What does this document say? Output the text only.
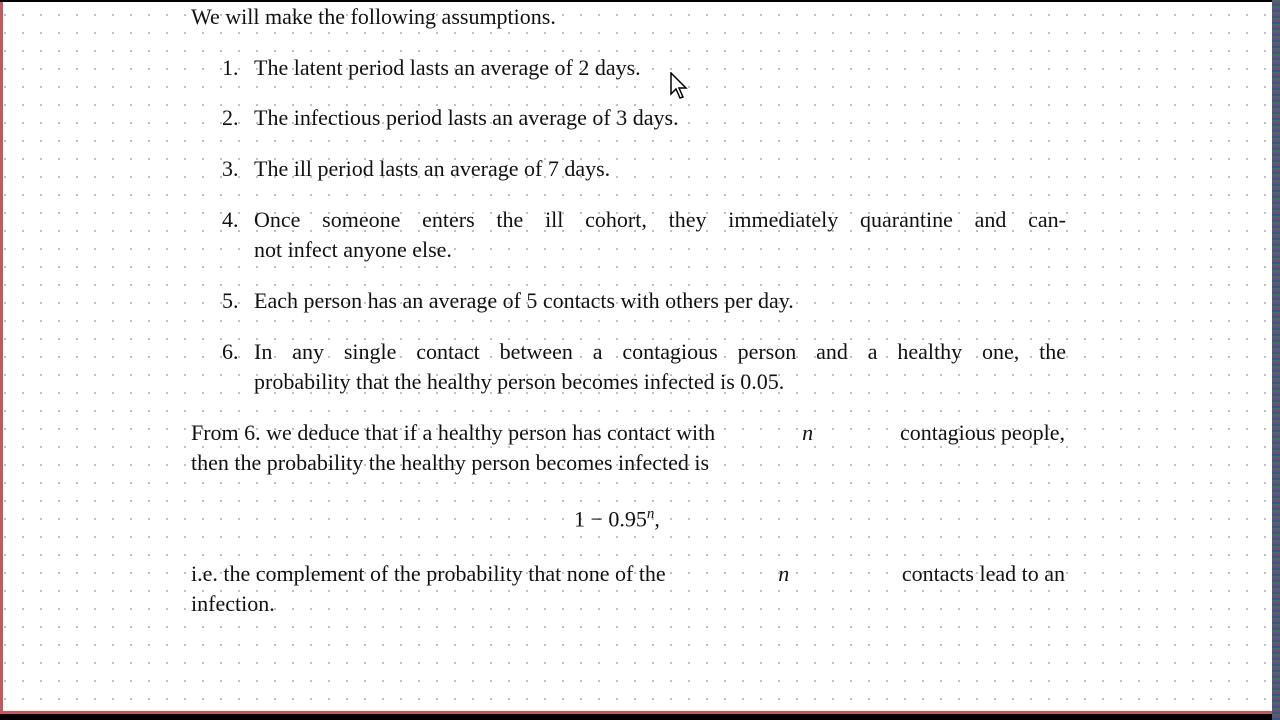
We will make the following assumptions.
1. The latent period lasts an average of 2 days.
2. The infectious period lasts an average of 3 days.
3. The ill period lasts an average of 7 days.
4. Once someone enters the ill cohort, they immediately quarantine and can-
not infect anyone else.
5. Each person has an average of 5 contacts with others per day.
6. In any single contact between a contagious person and a healthy one, the
probability that the healthy person becomes infected is 0.05.
From 6. we deduce that if a healthy person has contact with	n	contagious people,
then the probability the healthy person becomes infected is
$1 - 0.95^n$,
i.e. the complement of the probability that none of the	n	contacts lead to an
infection.
